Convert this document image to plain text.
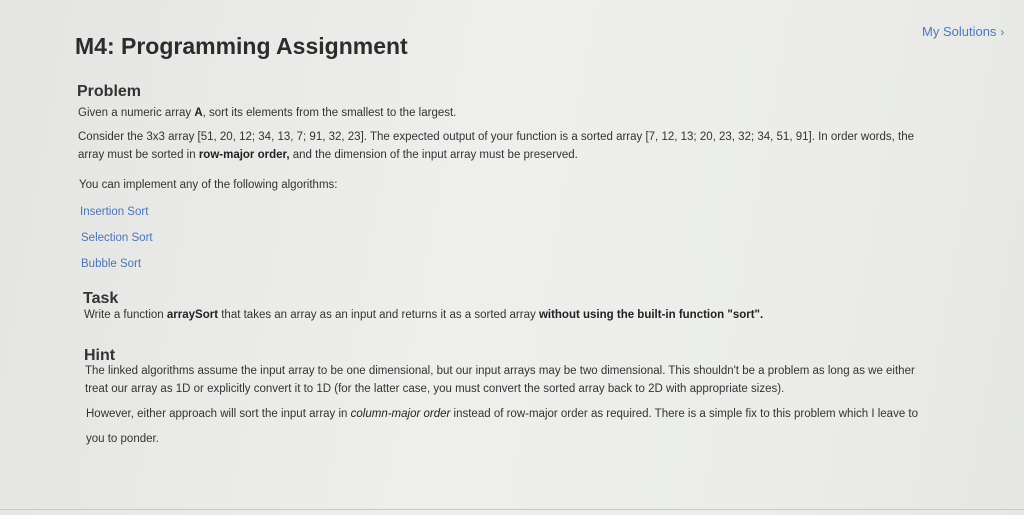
M4: Programming Assignment
My Solutions ›
Problem

Given a numeric array A, sort its elements from the smallest to the largest.

Consider the 3x3 array [51, 20, 12; 34, 13, 7; 91, 32, 23]. The expected output of your function is a sorted array [7, 12, 13; 20, 23, 32; 34, 51, 91]. In order words, the

array must be sorted in row-major order, and the dimension of the input array must be preserved.

You can implement any of the following algorithms:

Insertion Sort
Selection Sort
Bubble Sort
Task

Write a function arraySort that takes an array as an input and returns it as a sorted array without using the built-in function "sort".

Hint

The linked algorithms assume the input array to be one dimensional, but our input arrays may be two dimensional. This shouldn't be a problem as long as we either

treat our array as 1D or explicitly convert it to 1D (for the latter case, you must convert the sorted array back to 2D with appropriate sizes).

However, either approach will sort the input array in column-major order instead of row-major order as required. There is a simple fix to this problem which I leave to

you to ponder.
